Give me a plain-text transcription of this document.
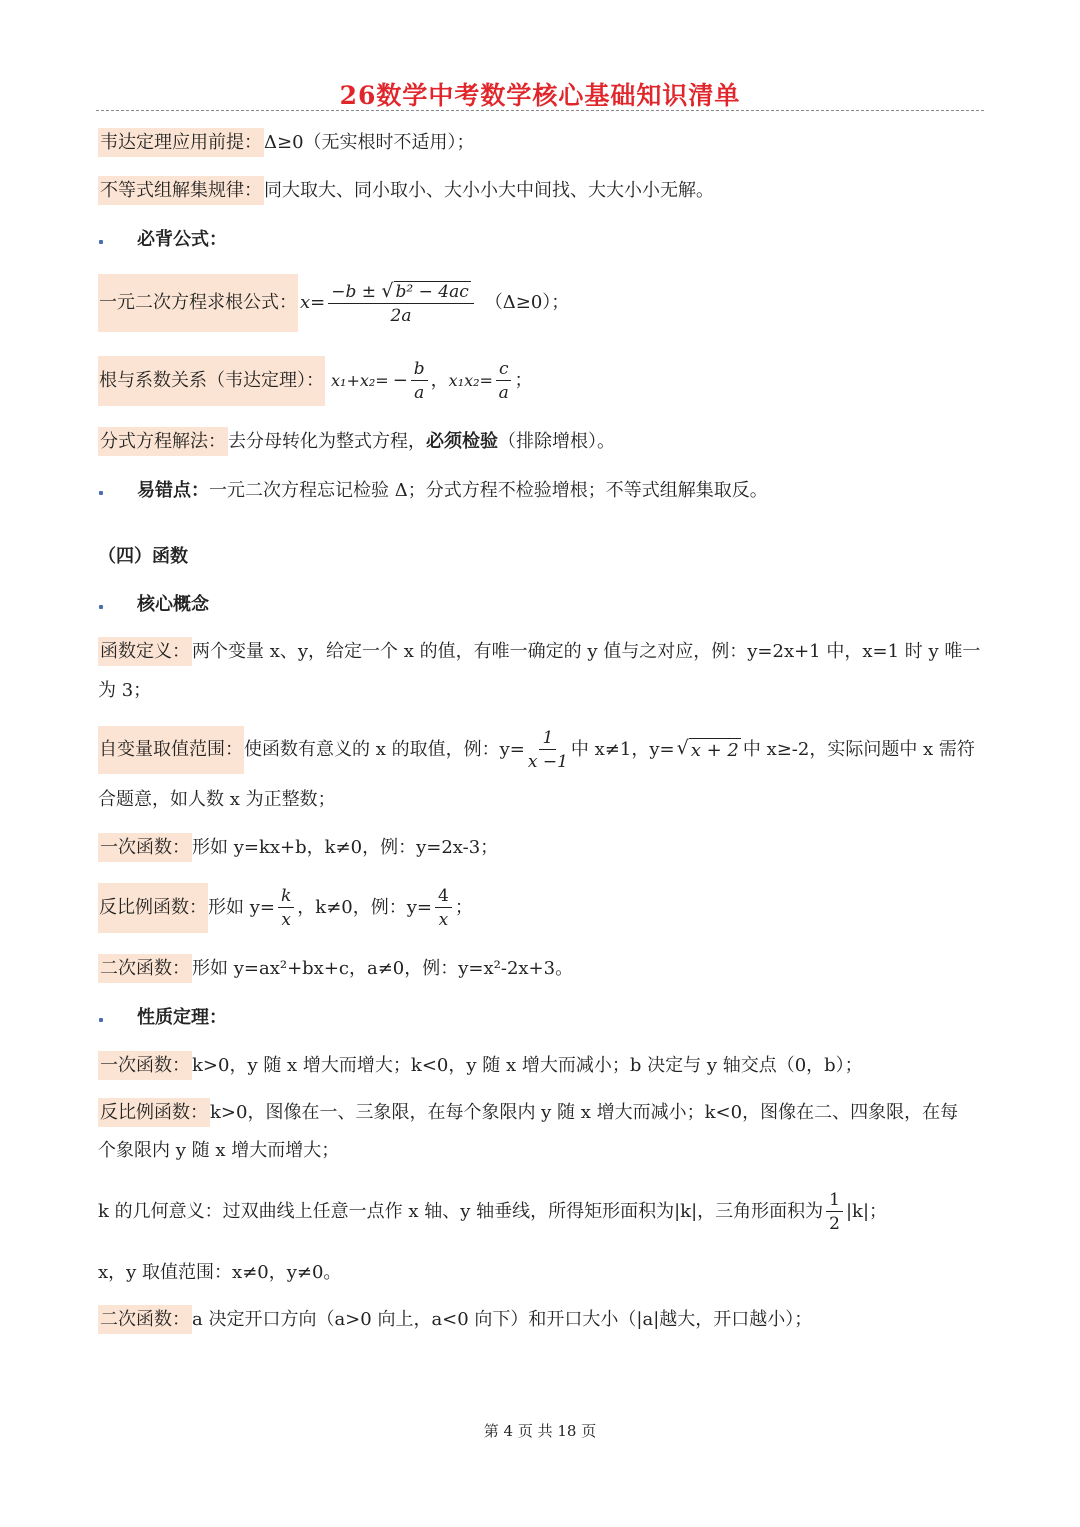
26数学中考数学核心基础知识清单
韦达定理应用前提： Δ≥0（无实根时不适用）；
不等式组解集规律： 同大取大、同小取小、大小小大中间找、大大小小无解。
必背公式：
一元二次方程求根公式： $x= \frac{\text{−b ± √ b² − 4ac}}{2a} (\Delta\ge 0)$；
根与系数关系（韦达定理）： $x_1+x_2= - \frac{b}{a}$ ， $x_1x_2= \frac{c}{a}$ ；
分式方程解法： 去分母转化为整式方程，必须检验（排除增根）。
易错点：一元二次方程忘记检验 Δ；分式方程不检验增根；不等式组解集取反。
（四）函数
核心概念
函数定义： 两个变量 x、y，给定一个 x 的值，有唯一确定的 y 值与之对应，例：y=2x+1 中，x=1 时 y 唯一
为 3；
自变量取值范围： 使函数有意义的 x 的取值，例：$y= \frac{1}{x -1}$ 中 x≠1，y= √ x + 2 中 x≥-2，实际问题中 x 需符
合题意，如人数 x 为正整数；
一次函数： 形如 y=kx+b，k≠0，例：y=2x-3；
反比例函数： 形如 $y= \frac{k}{x}$ ，k≠0，例：$y= \frac{4}{x}$ ；
二次函数： 形如 y=ax²+bx+c，a≠0，例：y=x²-2x+3。
性质定理：
一次函数： k>0，y 随 x 增大而增大；k<0，y 随 x 增大而减小；b 决定与 y 轴交点（0，b）；
反比例函数： k>0，图像在一、三象限，在每个象限内 y 随 x 增大而减小；k<0，图像在二、四象限，在每
个象限内 y 随 x 增大而增大；
k 的几何意义：过双曲线上任意一点作 x 轴、y 轴垂线，所得矩形面积为|k|，三角形面积为 $\frac{1}{2} |k|$；
x，y 取值范围：x≠0，y≠0。
二次函数： a 决定开口方向（a>0 向上，a<0 向下）和开口大小（|a|越大，开口越小）；
第 4 页 共 18 页
